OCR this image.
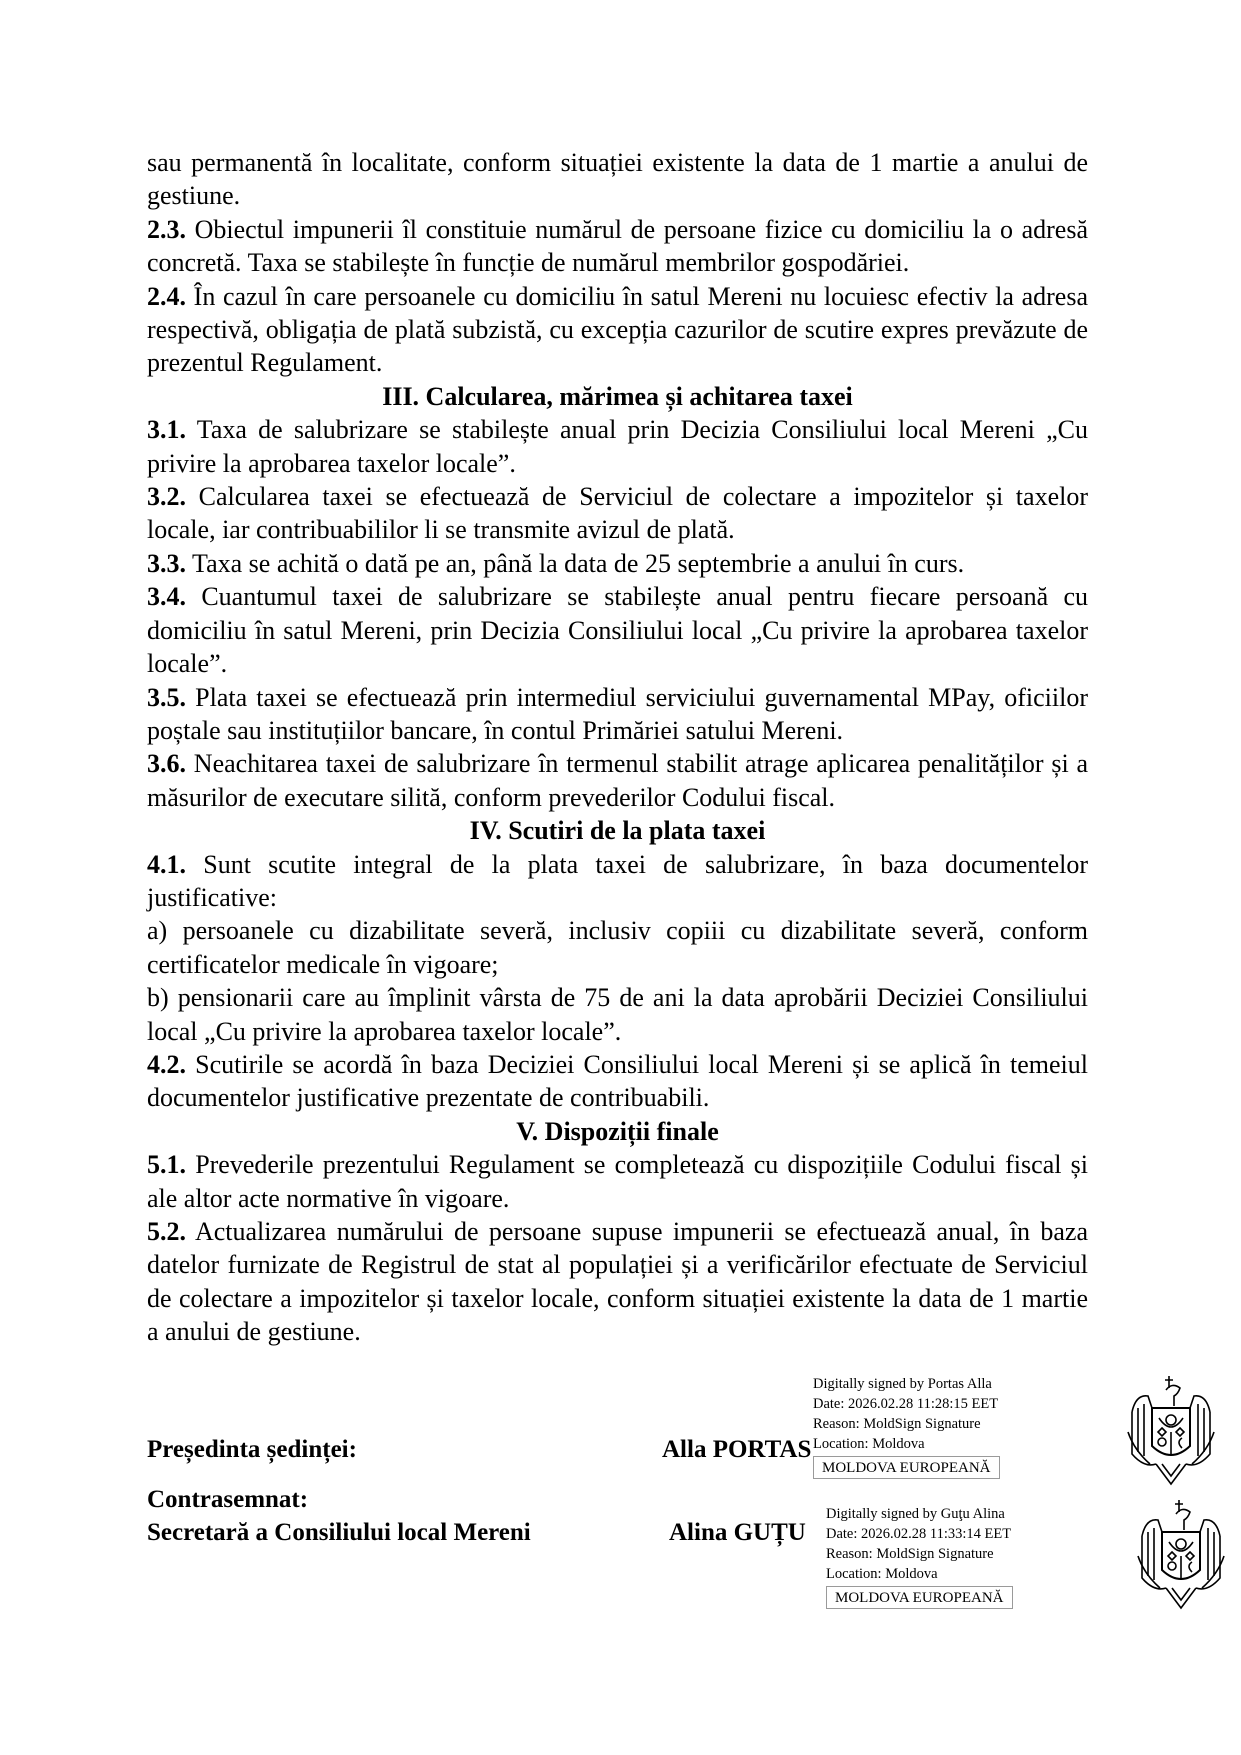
sau permanentă în localitate, conform situației existente la data de 1 martie a anului de gestiune.

2.3. Obiectul impunerii îl constituie numărul de persoane fizice cu domiciliu la o adresă concretă. Taxa se stabilește în funcție de numărul membrilor gospodăriei.

2.4. În cazul în care persoanele cu domiciliu în satul Mereni nu locuiesc efectiv la adresa respectivă, obligația de plată subzistă, cu excepția cazurilor de scutire expres prevăzute de prezentul Regulament.

III. Calcularea, mărimea și achitarea taxei

3.1. Taxa de salubrizare se stabilește anual prin Decizia Consiliului local Mereni „Cu privire la aprobarea taxelor locale”.

3.2. Calcularea taxei se efectuează de Serviciul de colectare a impozitelor și taxelor locale, iar contribuabililor li se transmite avizul de plată.

3.3. Taxa se achită o dată pe an, până la data de 25 septembrie a anului în curs.

3.4. Cuantumul taxei de salubrizare se stabilește anual pentru fiecare persoană cu domiciliu în satul Mereni, prin Decizia Consiliului local „Cu privire la aprobarea taxelor locale”.

3.5. Plata taxei se efectuează prin intermediul serviciului guvernamental MPay, oficiilor poștale sau instituțiilor bancare, în contul Primăriei satului Mereni.

3.6. Neachitarea taxei de salubrizare în termenul stabilit atrage aplicarea penalităților și a măsurilor de executare silită, conform prevederilor Codului fiscal.

IV. Scutiri de la plata taxei

4.1. Sunt scutite integral de la plata taxei de salubrizare, în baza documentelor justificative:

a) persoanele cu dizabilitate severă, inclusiv copiii cu dizabilitate severă, conform certificatelor medicale în vigoare;

b) pensionarii care au împlinit vârsta de 75 de ani la data aprobării Deciziei Consiliului local „Cu privire la aprobarea taxelor locale”.

4.2. Scutirile se acordă în baza Deciziei Consiliului local Mereni și se aplică în temeiul documentelor justificative prezentate de contribuabili.

V. Dispoziții finale

5.1. Prevederile prezentului Regulament se completează cu dispozițiile Codului fiscal și ale altor acte normative în vigoare.

5.2. Actualizarea numărului de persoane supuse impunerii se efectuează anual, în baza datelor furnizate de Registrul de stat al populației și a verificărilor efectuate de Serviciul de colectare a impozitelor și taxelor locale, conform situației existente la data de 1 martie a anului de gestiune.

Președinta ședinței:	Alla PORTAS
Contrasemnat:
Secretară a Consiliului local Mereni	Alina GUȚU
Digitally signed by Portas Alla
Date: 2026.02.28 11:28:15 EET
Reason: MoldSign Signature
Location: Moldova
MOLDOVA EUROPEANĂ
Digitally signed by Guţu Alina
Date: 2026.02.28 11:33:14 EET
Reason: MoldSign Signature
Location: Moldova
MOLDOVA EUROPEANĂ
